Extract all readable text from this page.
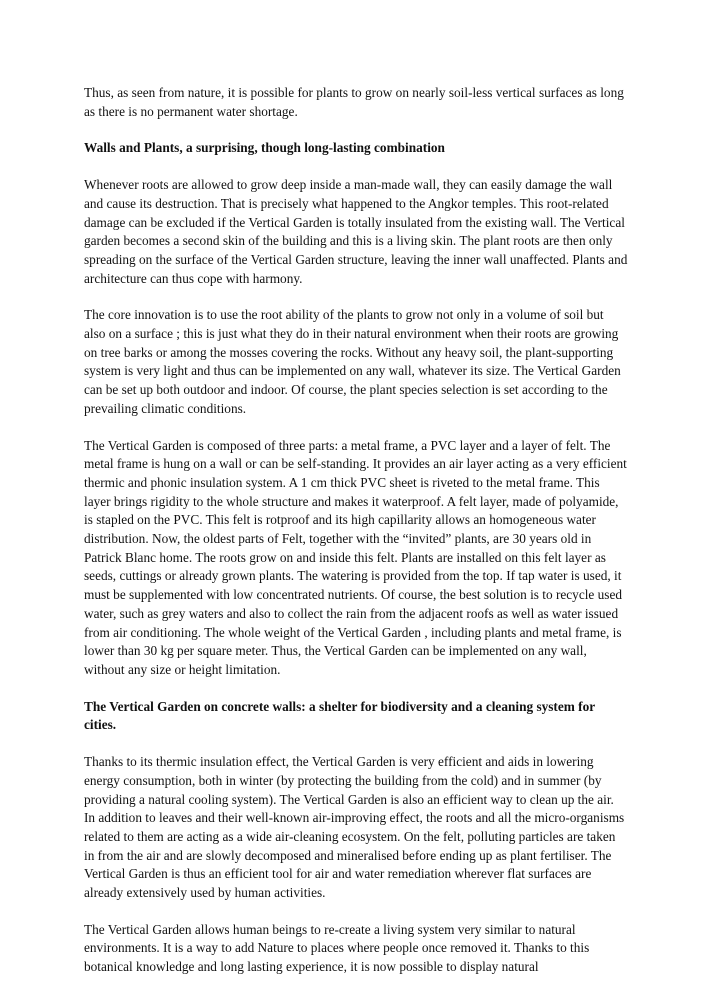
Thus, as seen from nature, it is possible for plants to grow on nearly soil-less vertical surfaces as long as there is no permanent water shortage.

Walls and Plants, a surprising, though long-lasting combination

Whenever roots are allowed to grow deep inside a man-made wall, they can easily damage the wall and cause its destruction. That is precisely what happened to the Angkor temples. This root-related damage can be excluded if the Vertical Garden is totally insulated from the existing wall. The Vertical garden becomes a second skin of the building and this is a living skin. The plant roots are then only spreading on the surface of the Vertical Garden structure, leaving the inner wall unaffected. Plants and architecture can thus cope with harmony.

The core innovation is to use the root ability of the plants to grow not only in a volume of soil but also on a surface ; this is just what they do in their natural environment when their roots are growing on tree barks or among the mosses covering the rocks. Without any heavy soil, the plant-supporting system is very light and thus can be implemented on any wall, whatever its size. The Vertical Garden can be set up both outdoor and indoor. Of course, the plant species selection is set according to the prevailing climatic conditions.

The Vertical Garden is composed of three parts: a metal frame, a PVC layer and a layer of felt. The metal frame is hung on a wall or can be self-standing. It provides an air layer acting as a very efficient thermic and phonic insulation system. A 1 cm thick PVC sheet is riveted to the metal frame. This layer brings rigidity to the whole structure and makes it waterproof. A felt layer, made of polyamide, is stapled on the PVC. This felt is rotproof and its high capillarity allows an homogeneous water distribution. Now, the oldest parts of Felt, together with the “invited” plants, are 30 years old in Patrick Blanc home. The roots grow on and inside this felt. Plants are installed on this felt layer as seeds, cuttings or already grown plants. The watering is provided from the top. If tap water is used, it must be supplemented with low concentrated nutrients. Of course, the best solution is to recycle used water, such as grey waters and also to collect the rain from the adjacent roofs as well as water issued from air conditioning. The whole weight of the Vertical Garden , including plants and metal frame, is lower than 30 kg per square meter. Thus, the Vertical Garden can be implemented on any wall, without any size or height limitation.

The Vertical Garden on concrete walls: a shelter for biodiversity and a cleaning system for cities.

Thanks to its thermic insulation effect, the Vertical Garden is very efficient and aids in lowering energy consumption, both in winter (by protecting the building from the cold) and in summer (by providing a natural cooling system). The Vertical Garden is also an efficient way to clean up the air. In addition to leaves and their well-known air-improving effect, the roots and all the micro-organisms related to them are acting as a wide air-cleaning ecosystem. On the felt, polluting particles are taken in from the air and are slowly decomposed and mineralised before ending up as plant fertiliser. The Vertical Garden is thus an efficient tool for air and water remediation wherever flat surfaces are already extensively used by human activities.

The Vertical Garden allows human beings to re-create a living system very similar to natural environments. It is a way to add Nature to places where people once removed it. Thanks to this botanical knowledge and long lasting experience, it is now possible to display natural
